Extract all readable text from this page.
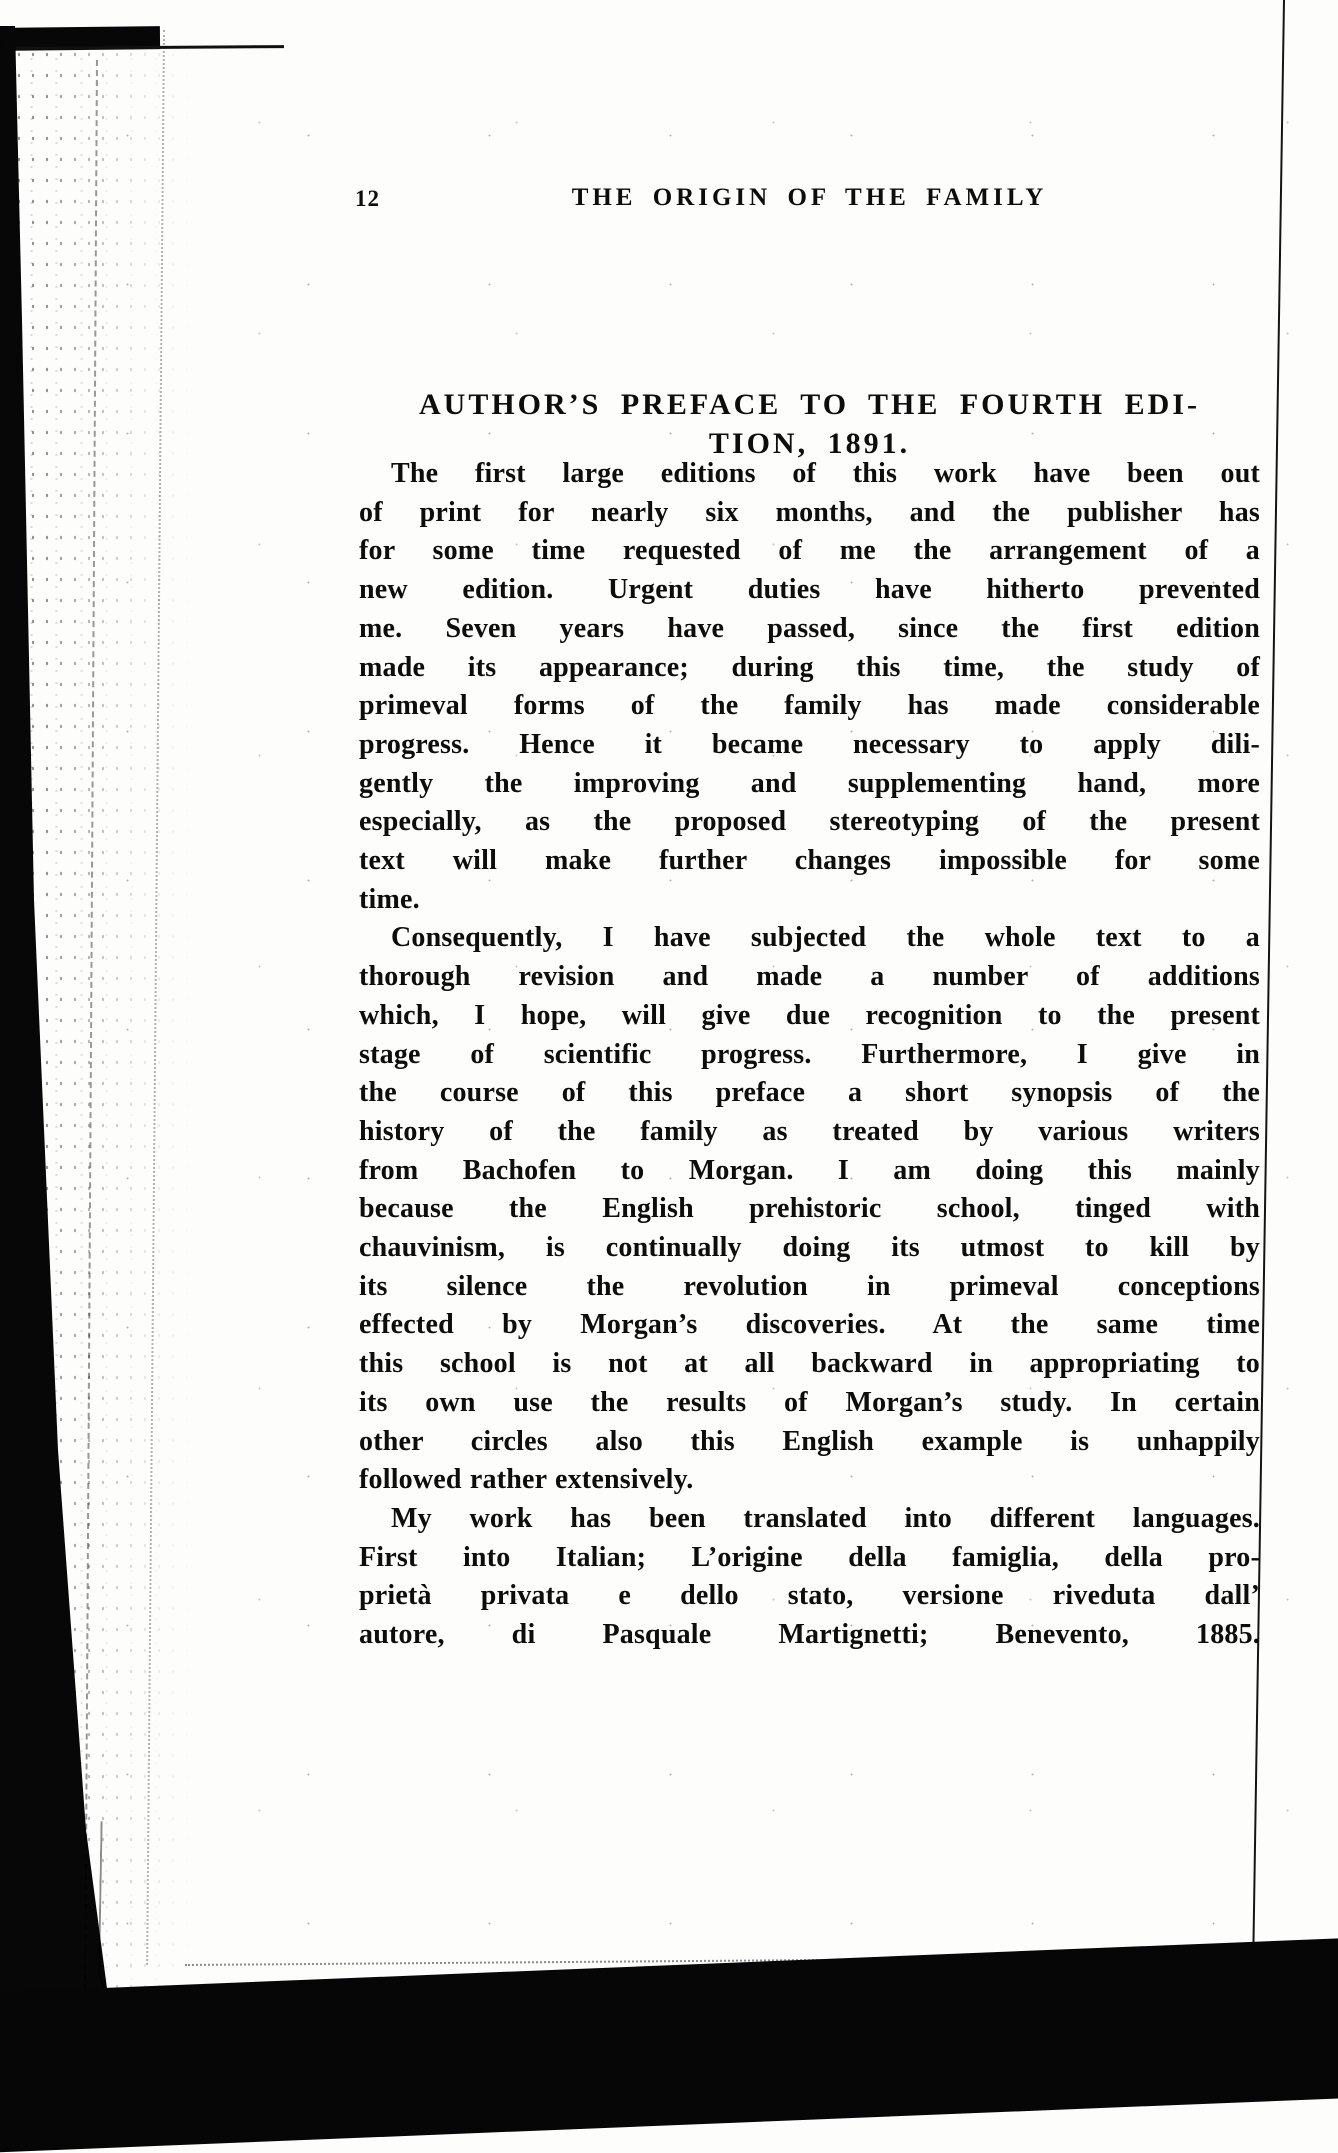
12	THE ORIGIN OF THE FAMILY
AUTHOR’S PREFACE TO THE FOURTH EDI-
TION, 1891.

The first large editions of this work have been out
of print for nearly six months, and the publisher has
for some time requested of me the arrangement of a
new edition. Urgent duties have hitherto prevented
me. Seven years have passed, since the first edition
made its appearance; during this time, the study of
primeval forms of the family has made considerable
progress. Hence it became necessary to apply dili-
gently the improving and supplementing hand, more
especially, as the proposed stereotyping of the present
text will make further changes impossible for some
time.

Consequently, I have subjected the whole text to a
thorough revision and made a number of additions
which, I hope, will give due recognition to the present
stage of scientific progress. Furthermore, I give in
the course of this preface a short synopsis of the
history of the family as treated by various writers
from Bachofen to Morgan. I am doing this mainly
because the English prehistoric school, tinged with
chauvinism, is continually doing its utmost to kill by
its silence the revolution in primeval conceptions
effected by Morgan’s discoveries. At the same time
this school is not at all backward in appropriating to
its own use the results of Morgan’s study. In certain
other circles also this English example is unhappily
followed rather extensively.

My work has been translated into different languages.
First into Italian; L’origine della famiglia, della pro-
prietà privata e dello stato, versione riveduta dall’
autore, di Pasquale Martignetti; Benevento, 1885.
